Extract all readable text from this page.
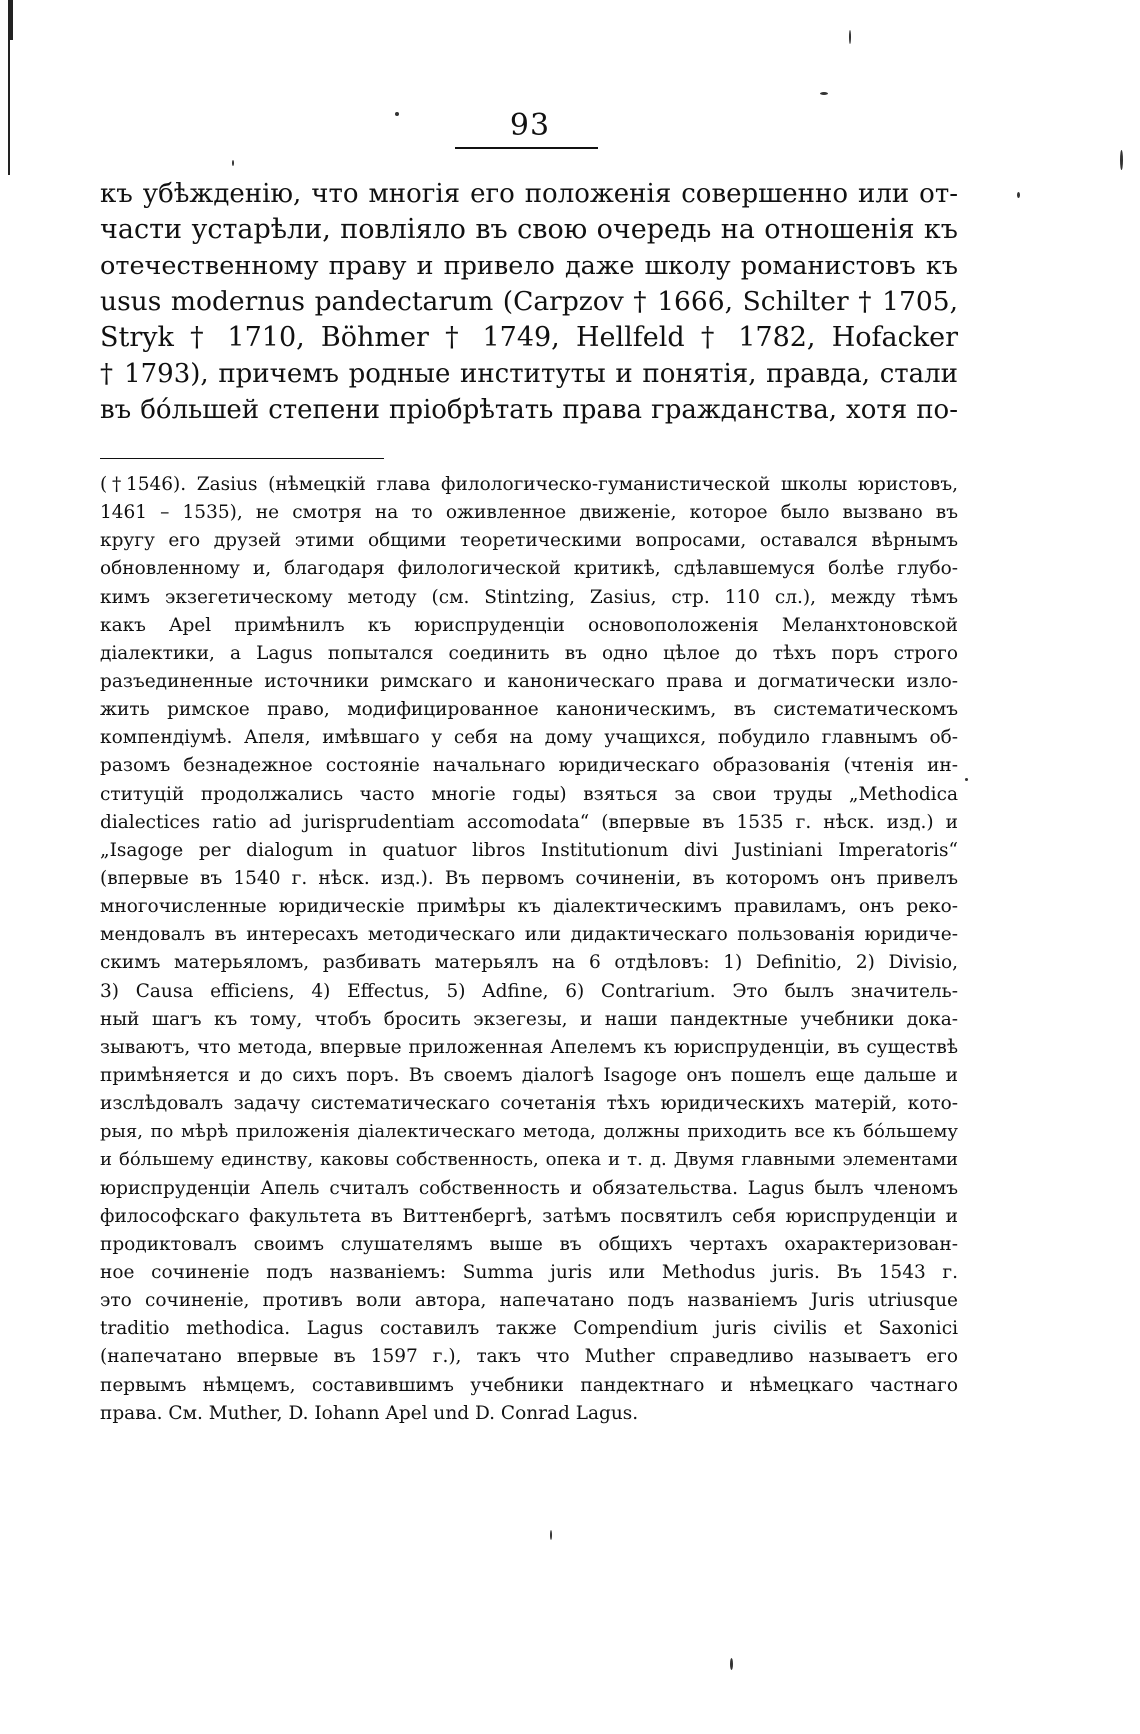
93
къ убѣжденію, что многія его положенія совершенно или от-
части устарѣли, повліяло въ свою очередь на отношенія къ
отечественному праву и привело даже школу романистовъ къ
usus modernus pandectarum (Carpzov † 1666, Schilter † 1705,
Stryk † 1710, Böhmer † 1749, Hellfeld † 1782, Hofacker
† 1793), причемъ родные институты и понятія, правда, стали
въ бо́льшей степени пріобрѣтать права гражданства, хотя по-
(†1546). Zasius (нѣмецкій глава филологическо-гуманистической школы юристовъ,
1461 – 1535), не смотря на то оживленное движеніе, которое было вызвано въ
кругу его друзей этими общими теоретическими вопросами, оставался вѣрнымъ
обновленному и, благодаря филологической критикѣ, сдѣлавшемуся болѣе глубо-
кимъ экзегетическому методу (см. Stintzing, Zasius, стр. 110 сл.), между тѣмъ
какъ Apel примѣнилъ къ юриспруденціи основоположенія Меланхтоновской
діалектики, а Lagus попытался соединить въ одно цѣлое до тѣхъ поръ строго
разъединенные источники римскаго и каноническаго права и догматически изло-
жить римское право, модифицированное каноническимъ, въ систематическомъ
компендіумѣ. Апеля, имѣвшаго у себя на дому учащихся, побудило главнымъ об-
разомъ безнадежное состояніе начальнаго юридическаго образованія (чтенія ин-
ституцій продолжались часто многіе годы) взяться за свои труды „Methodica
dialectices ratio ad jurisprudentiam accomodata“ (впервые въ 1535 г. нѣск. изд.) и
„Isagoge per dialogum in quatuor libros Institutionum divi Justiniani Imperatoris“
(впервые въ 1540 г. нѣск. изд.). Въ первомъ сочиненіи, въ которомъ онъ привелъ
многочисленные юридическіе примѣры къ діалектическимъ правиламъ, онъ реко-
мендовалъ въ интересахъ методическаго или дидактическаго пользованія юридиче-
скимъ матерьяломъ, разбивать матерьялъ на 6 отдѣловъ: 1) Definitio, 2) Divisio,
3) Causa efficiens, 4) Effectus, 5) Adfine, 6) Contrarium. Это былъ значитель-
ный шагъ къ тому, чтобъ бросить экзегезы, и наши пандектные учебники дока-
зываютъ, что метода, впервые приложенная Апелемъ къ юриспруденціи, въ существѣ
примѣняется и до сихъ поръ. Въ своемъ діалогѣ Isagoge онъ пошелъ еще дальше и
изслѣдовалъ задачу систематическаго сочетанія тѣхъ юридическихъ матерій, кото-
рыя, по мѣрѣ приложенія діалектическаго метода, должны приходить все къ бо́льшему
и бо́льшему единству, каковы собственность, опека и т. д. Двумя главными элементами
юриспруденціи Апель считалъ собственность и обязательства. Lagus былъ членомъ
философскаго факультета въ Виттенбергѣ, затѣмъ посвятилъ себя юриспруденціи и
продиктовалъ своимъ слушателямъ выше въ общихъ чертахъ охарактеризован-
ное сочиненіе подъ названіемъ: Summa juris или Methodus juris. Въ 1543 г.
это сочиненіе, противъ воли автора, напечатано подъ названіемъ Juris utriusque
traditio methodica. Lagus составилъ также Compendium juris civilis et Saxonici
(напечатано впервые въ 1597 г.), такъ что Muther справедливо называетъ его
первымъ нѣмцемъ, составившимъ учебники пандектнаго и нѣмецкаго частнаго
права. См. Muther, D. Iohann Apel und D. Conrad Lagus.
